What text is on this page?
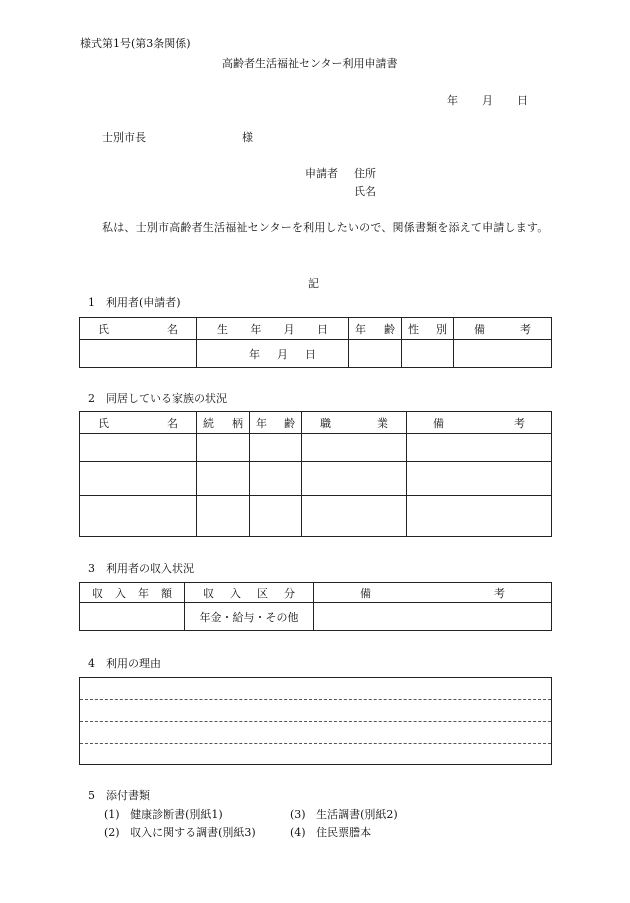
様式第1号(第3条関係)
高齢者生活福祉センター利用申請書
年 月 日
士別市長	様
申請者 住所
氏名
私は、士別市高齢者生活福祉センターを利用したいので、関係書類を添えて申請します。
記
1　利用者(申請者)
氏 名	生 年 月 日	年 齢	性 別	備 考

	年 月 日			

2　同居している家族の状況
氏 名	続 柄	年 齢	職 業	備 考

3　利用者の収入状況
収 入 年 額	収 入 区 分	備 考

	年金・給与・その他	
4　利用の理由
5　添付書類
(1) 健康診断書(別紙1)	(3) 生活調書(別紙2)
(2) 収入に関する調書(別紙3)	(4) 住民票謄本
